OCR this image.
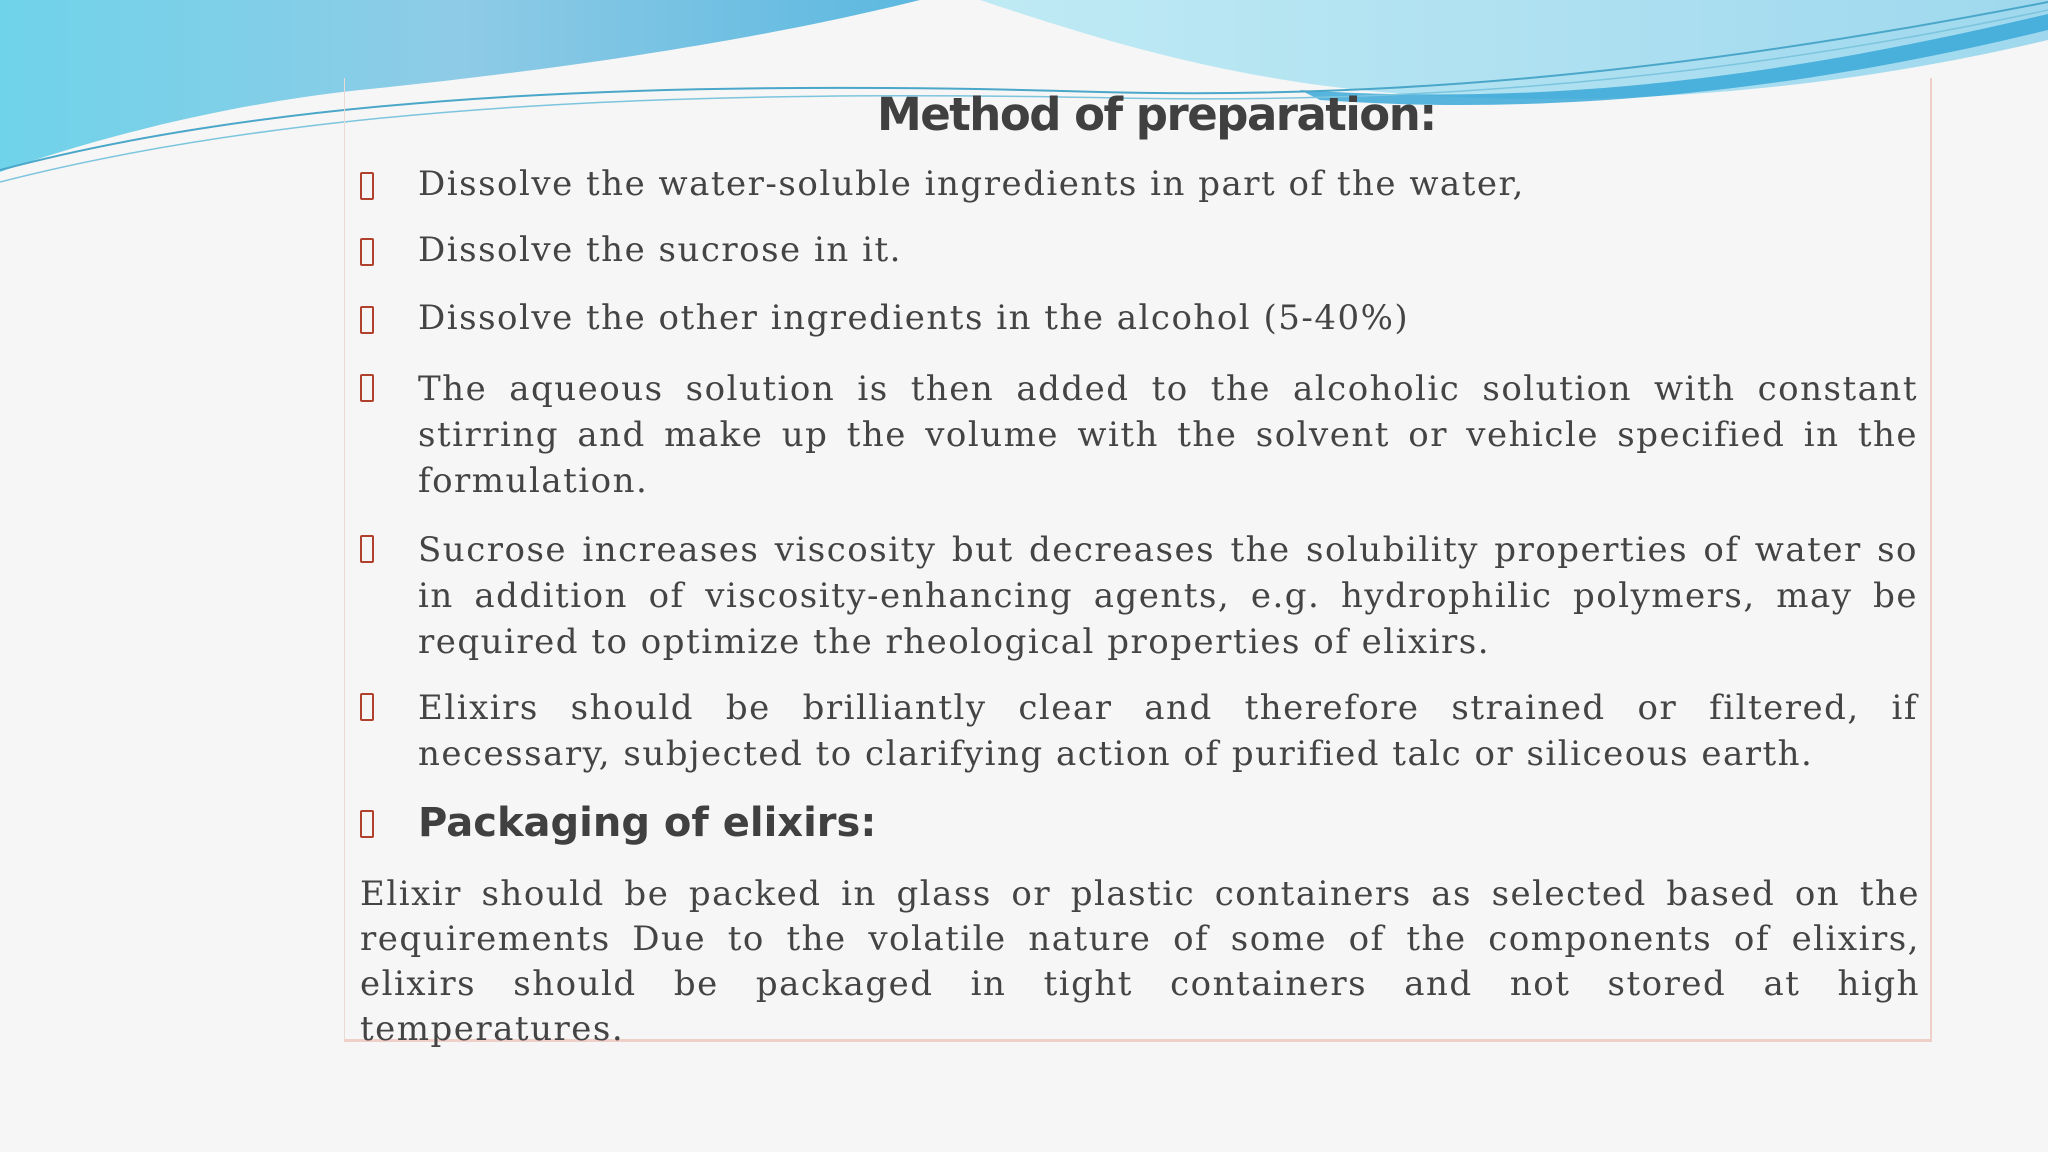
Method of preparation:
Dissolve the water-soluble ingredients in part of the water,
Dissolve the sucrose in it.
Dissolve the other ingredients in the alcohol (5-40%)

The aqueous solution is then added to the alcoholic solution with constant stirring and make up the volume with the solvent or vehicle specified in the formulation.

Sucrose increases viscosity but decreases the solubility properties of water so in addition of viscosity-enhancing agents, e.g. hydrophilic polymers, may be required to optimize the rheological properties of elixirs.

Elixirs should be brilliantly clear and therefore strained or filtered, if necessary, subjected to clarifying action of purified talc or siliceous earth.

Packaging of elixirs:

Elixir should be packed in glass or plastic containers as selected based on the requirements Due to the volatile nature of some of the components of elixirs, elixirs should be packaged in tight containers and not stored at high temperatures.
